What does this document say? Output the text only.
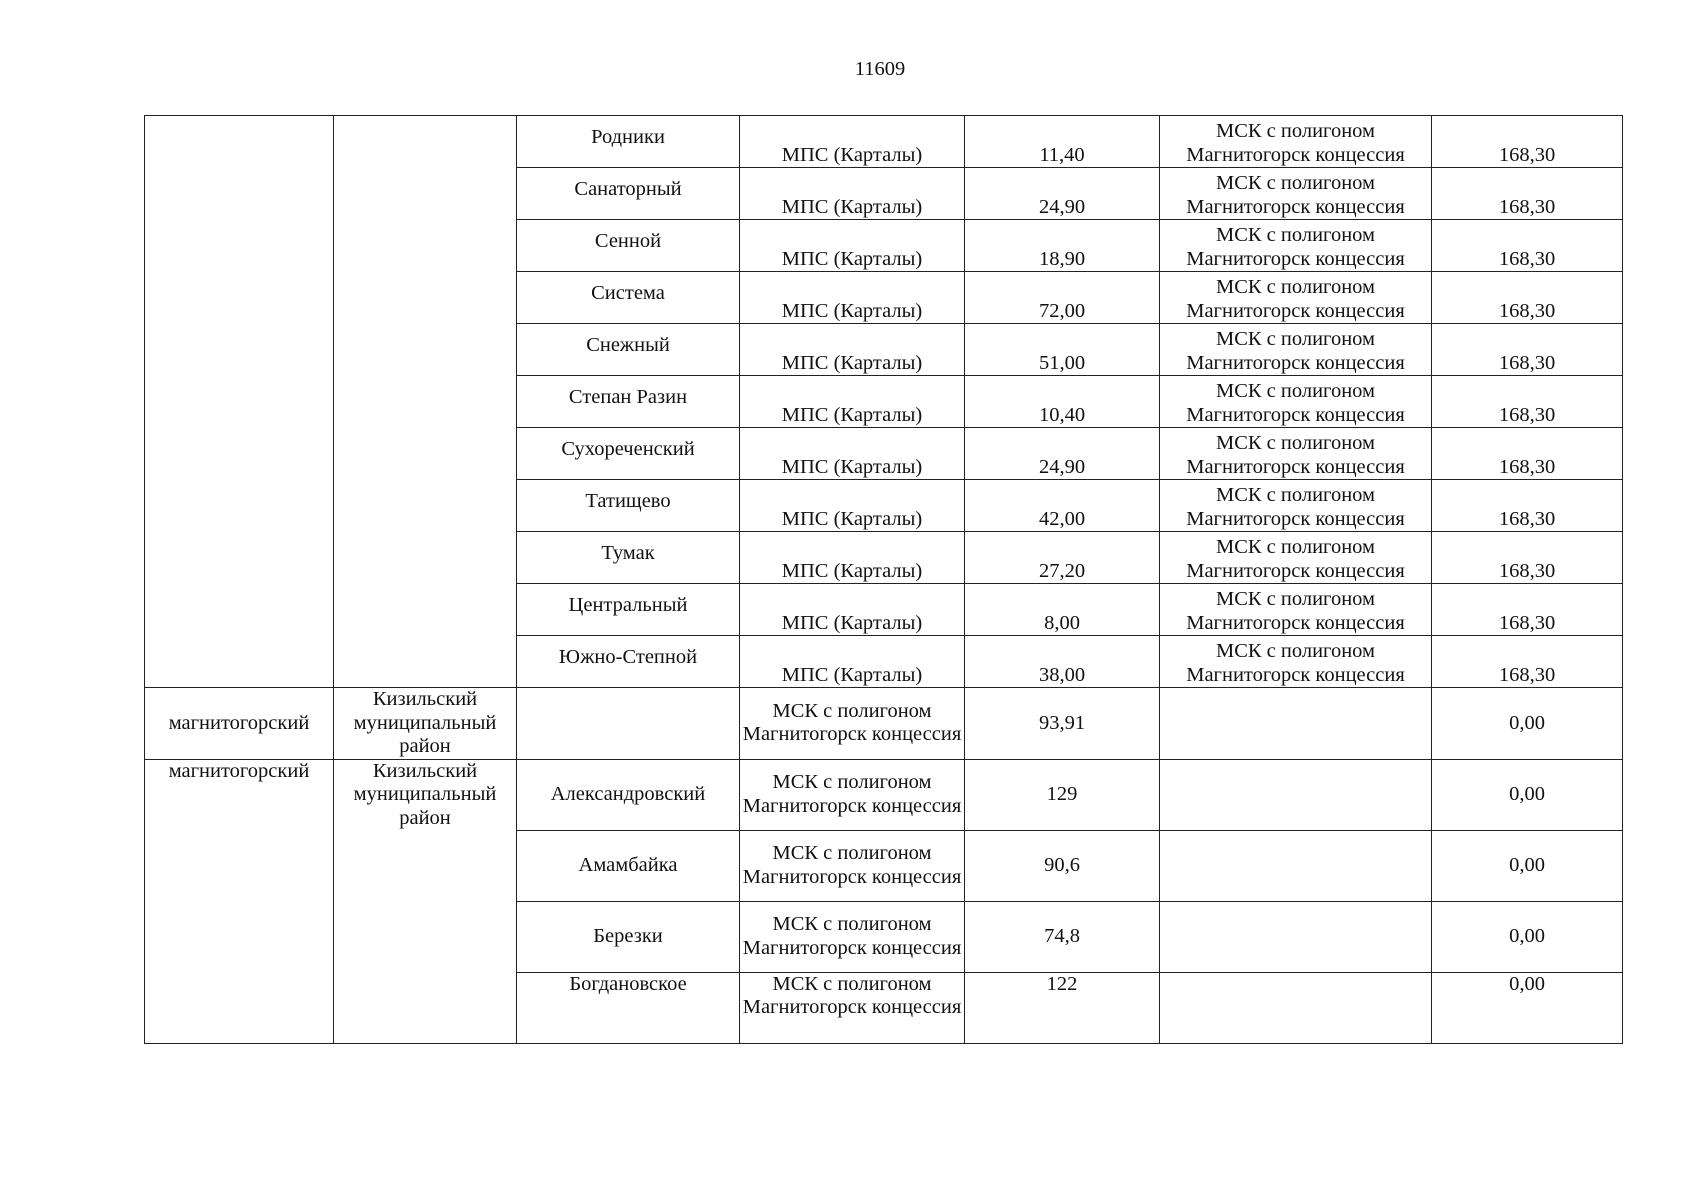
11609
		Родники	МПС (Карталы)	11,40	МСК с полигоном Магнитогорск концессия	168,30
		Санаторный	МПС (Карталы)	24,90	МСК с полигоном Магнитогорск концессия	168,30
		Сенной	МПС (Карталы)	18,90	МСК с полигоном Магнитогорск концессия	168,30
		Система	МПС (Карталы)	72,00	МСК с полигоном Магнитогорск концессия	168,30
		Снежный	МПС (Карталы)	51,00	МСК с полигоном Магнитогорск концессия	168,30
		Степан Разин	МПС (Карталы)	10,40	МСК с полигоном Магнитогорск концессия	168,30
		Сухореченский	МПС (Карталы)	24,90	МСК с полигоном Магнитогорск концессия	168,30
		Татищево	МПС (Карталы)	42,00	МСК с полигоном Магнитогорск концессия	168,30
		Тумак	МПС (Карталы)	27,20	МСК с полигоном Магнитогорск концессия	168,30
		Центральный	МПС (Карталы)	8,00	МСК с полигоном Магнитогорск концессия	168,30
		Южно-Степной	МПС (Карталы)	38,00	МСК с полигоном Магнитогорск концессия	168,30
магнитогорский	Кизильский муниципальный район		МСК с полигоном Магнитогорск концессия	93,91		0,00
магнитогорский	Кизильский муниципальный район	Александровский	МСК с полигоном Магнитогорск концессия	129		0,00
		Амамбайка	МСК с полигоном Магнитогорск концессия	90,6		0,00
		Березки	МСК с полигоном Магнитогорск концессия	74,8		0,00
		Богдановское	МСК с полигоном Магнитогорск концессия	122		0,00
